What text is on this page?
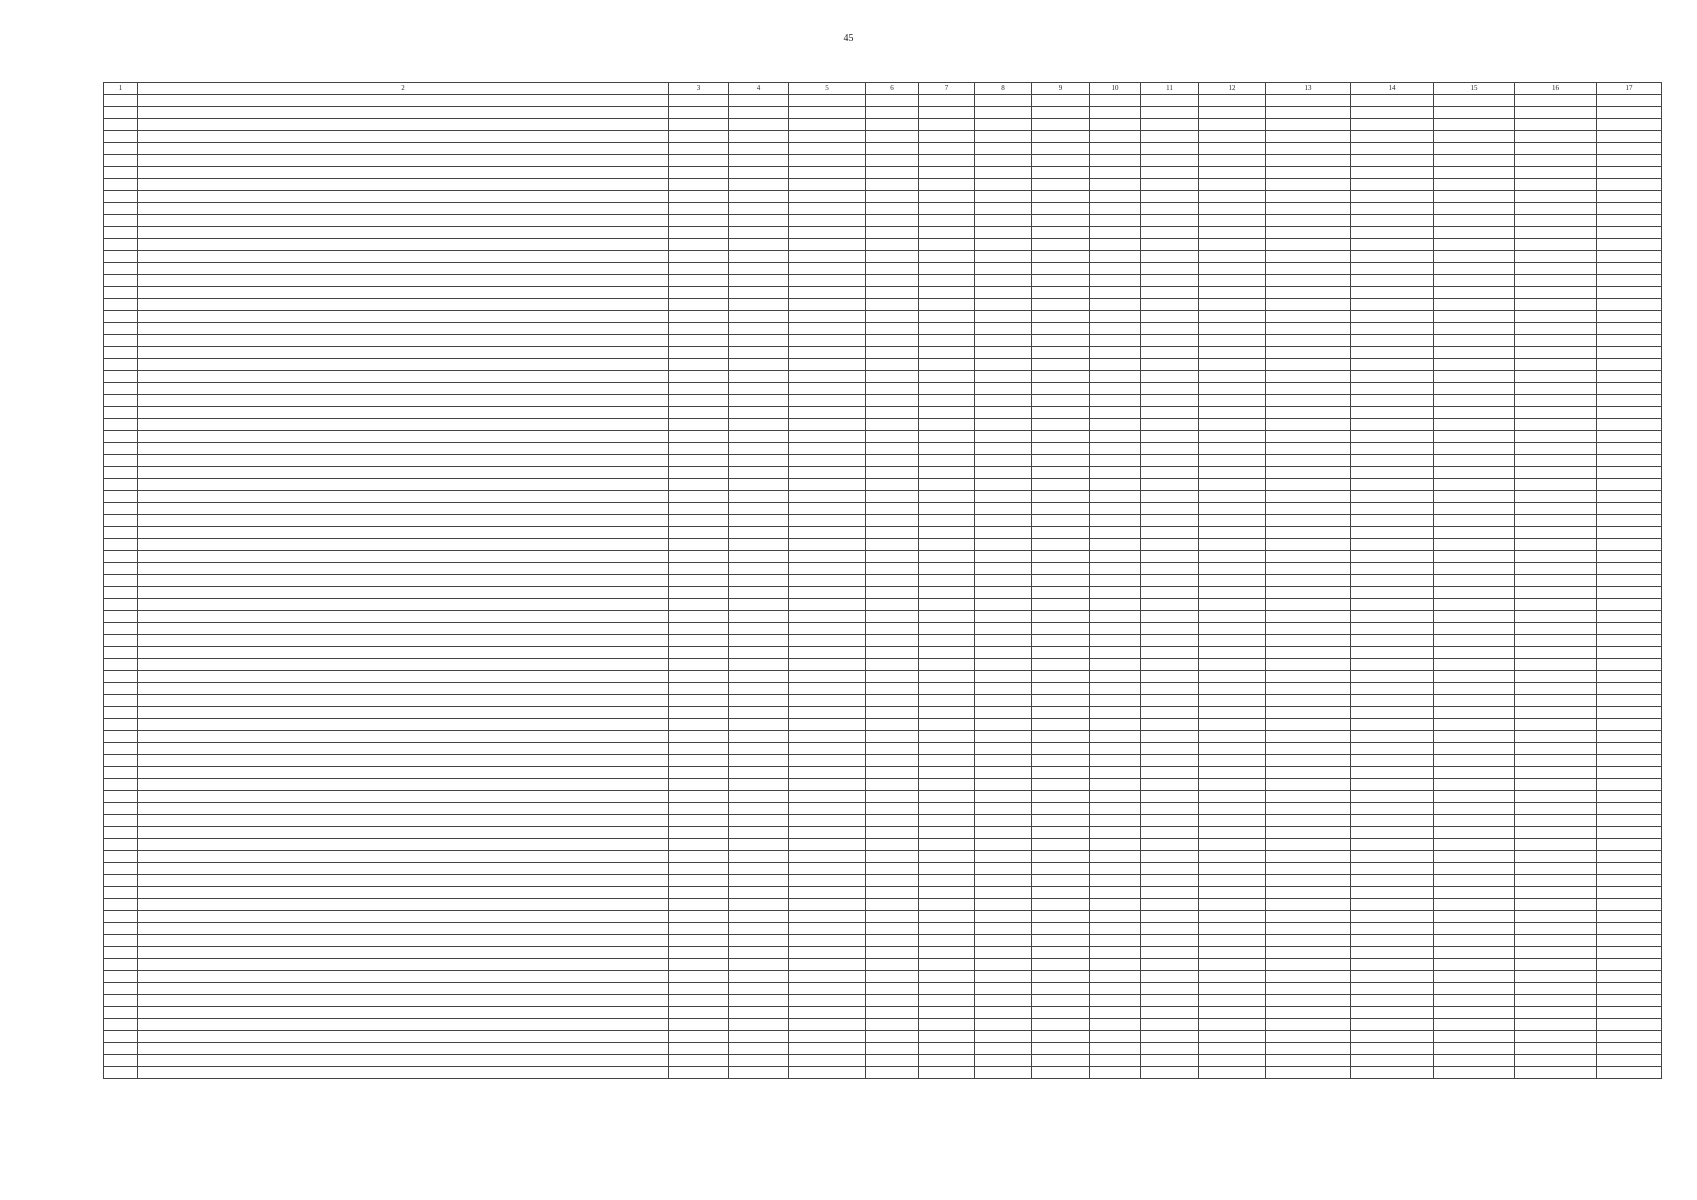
45
1	2	3	4	5	6	7	8	9	10	11	12	13	14	15	16	17
